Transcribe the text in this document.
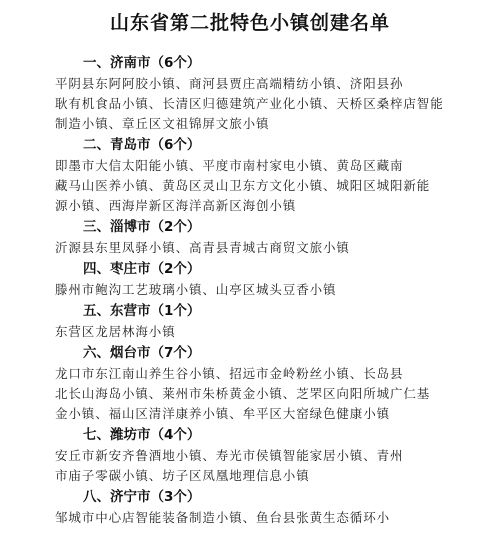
山东省第二批特色小镇创建名单
一、济南市（6个）
平阴县东阿阿胶小镇、商河县贾庄高端精纺小镇、济阳县孙
耿有机食品小镇、长清区归德建筑产业化小镇、天桥区桑梓店智能
制造小镇、章丘区文祖锦屏文旅小镇
二、青岛市（6个）
即墨市大信太阳能小镇、平度市南村家电小镇、黄岛区藏南
藏马山医养小镇、黄岛区灵山卫东方文化小镇、城阳区城阳新能
源小镇、西海岸新区海洋高新区海创小镇
三、淄博市（2个）
沂源县东里凤驿小镇、高青县青城古商贸文旅小镇
四、枣庄市（2个）
滕州市鲍沟工艺玻璃小镇、山亭区城头豆香小镇
五、东营市（1个）
东营区龙居林海小镇
六、烟台市（7个）
龙口市东江南山养生谷小镇、招远市金岭粉丝小镇、长岛县
北长山海岛小镇、莱州市朱桥黄金小镇、芝罘区向阳所城广仁基
金小镇、福山区清洋康养小镇、牟平区大窑绿色健康小镇
七、潍坊市（4个）
安丘市新安齐鲁酒地小镇、寿光市侯镇智能家居小镇、青州
市庙子零碳小镇、坊子区凤凰地理信息小镇
八、济宁市（3个）
邹城市中心店智能装备制造小镇、鱼台县张黄生态循环小
